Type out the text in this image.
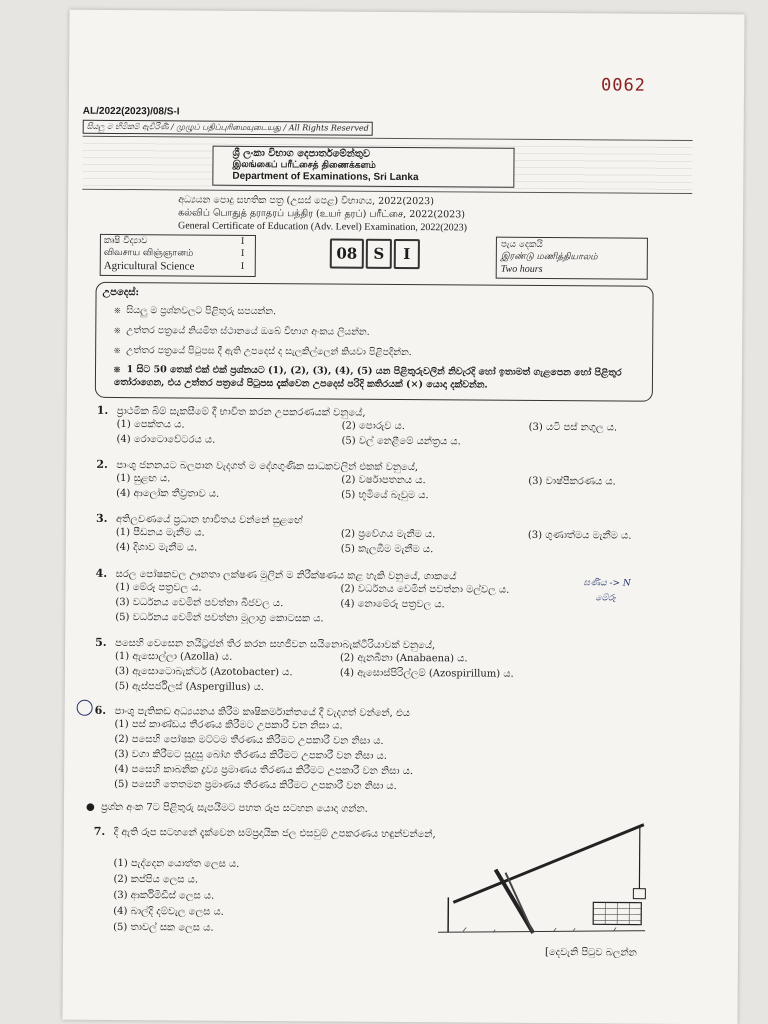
0062
AL/2022(2023)/08/S-I
සියලු ම හිමිකම් ඇවිරිණි / முழுப் பதிப்புரிமையுடையது / All Rights Reserved
ශ්‍රී ලංකා විභාග දෙපාර්තමේන්තුව
இலங்கைப் பரீட்சைத் திணைக்களம்
Department of Examinations, Sri Lanka
අධ්‍යයන පොදු සහතික පත්‍ර (උසස් පෙළ) විභාගය, 2022(2023)
கல்விப் பொதுத் தராதரப் பத்திர (உயர் தரப்) பரீட்சை, 2022(2023)
General Certificate of Education (Adv. Level) Examination, 2022(2023)
කෘෂි විද්‍යාව
விவசாய விஞ்ஞானம்
Agricultural Science
I
I
I
08	S	I
පැය දෙකයි
இரண்டு மணித்தியாலம்
Two hours
උපදෙස්:
※  සියලු ම ප්‍රශ්නවලට පිළිතුරු සපයන්න.
※  උත්තර පත්‍රයේ නියමිත ස්ථානයේ ඔබේ විභාග අංකය ලියන්න.
※  උත්තර පත්‍රයේ පිටුපස දී ඇති උපදෙස් ද සැලකිල්ලෙන් කියවා පිළිපදින්න.
※  1 සිට 50 තෙක් එක් එක් ප්‍රශ්නයට (1), (2), (3), (4), (5) යන පිළිතුරුවලින් නිවැරදි හෝ ඉතාමත් ගැළපෙන හෝ පිළිතුර තෝරාගෙන, එය උත්තර පත්‍රයේ පිටුපස දැක්වෙන උපදෙස් පරිදි කතිරයක් (×) යොදා දක්වන්න.
1. ප්‍රාථමික බිම් සැකසීමේ දී භාවිත කරන උපකරණයක් වනුයේ,
(1) පෙක්තය ය.	(2) පොරුව ය.	(3) යටි පස් නගුල ය.
(4) රොටොවේටරය ය.	(5) වල් නෙළීමේ යන්ත්‍රය ය.
2. පාංශු ජනනයට බලපාන වැදගත් ම දේශගුණික සාධකවලින් එකක් වනුයේ,
(1) සුළඟ ය.	(2) වර්ෂාපතනය ය.	(3) වාෂ්පීකරණය ය.
(4) ආලෝක තීව්‍රතාව ය.	(5) භූමියේ බෑවුම ය.
3. අතිලවණයේ ප්‍රධාන භාවිතය වන්නේ සුළඟේ
(1) පීඩනය මැනීම ය.	(2) ප්‍රවේගය මැනීම ය.	(3) ගුණාත්මය මැනීම ය.
(4) දිශාව මැනීම ය.	(5) කැලඹීම මැනීම ය.
4. සරල පෝෂකවල ඌනතා ලක්ෂණ මුලින් ම නිරීක්ෂණය කළ හැකි වනුයේ, ශාකයේ
(1) මේරූ පත්‍රවල ය.	(2) වර්ධනය වෙමින් පවත්නා මල්වල ය.
(3) වර්ධනය වෙමින් පවත්නා බීජවල ය.	(4) නොමේරූ පත්‍රවල ය.
(5) වර්ධනය වෙමින් පවත්නා මූලාග්‍ර කොටසක ය.
ඝණිය -> N
මේරූ
5. පසෙහි වෙසෙන නයිට්‍රජන් තිර කරන සහජීවන සයිනොබැක්ටීරියාවක් වනුයේ,
(1) ඇසොල්ලා (Azolla) ය.	(2) ඇනබීනා (Anabaena) ය.
(3) ඇසොටොබැක්ටර් (Azotobacter) ය.	(4) ඇසොස්පිරිල්ලම් (Azospirillum) ය.
(5) ඇස්පර්ජිලස් (Aspergillus) ය.
6. පාංශු පැතිකඩ අධ්‍යයනය කිරීම කෘෂිකර්මාන්තයේ දී වැදගත් වන්නේ, එය
(1) පස් කාණ්ඩය තීරණය කිරීමට උපකාරී වන නිසා ය.
(2) පසෙහි පෝෂක මට්ටම තීරණය කිරීමට උපකාරී වන නිසා ය.
(3) වගා කිරීමට සුදුසු බෝග තීරණය කිරීමට උපකාරී වන නිසා ය.
(4) පසෙහි කාබනික ද්‍රව්‍ය ප්‍රමාණය තීරණය කිරීමට උපකාරී වන නිසා ය.
(5) පසෙහි තෙතමන ප්‍රමාණය තීරණය කිරීමට උපකාරී වන නිසා ය.
●  ප්‍රශ්න අංක 7ට පිළිතුරු සැපයීමට පහත රූප සටහන යොදා ගන්න.
7. දී ඇති රූප සටහනේ දැක්වෙන සම්ප්‍රදායික ජල එසවුම් උපකරණය හඳුන්වන්නේ,
(1) පැද්දෙන යොත්ත ලෙස ය.
(2) කප්පිය ලෙස ය.
(3) ආර්කිමිඩීස් ලෙස ය.
(4) බාල්දි දම්වැල ලෙස ය.
(5) තාවල් සක ලෙස ය.
[දෙවැනි පිටුව බලන්න
